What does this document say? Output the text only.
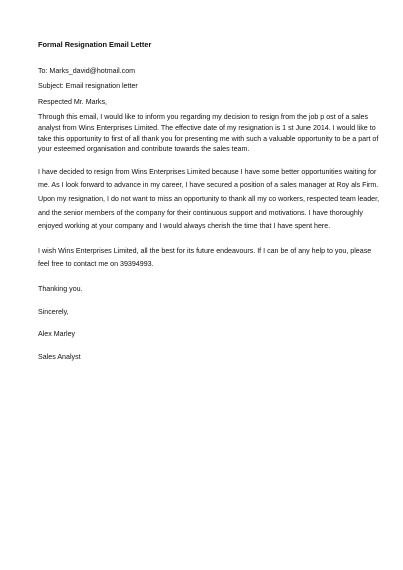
Formal Resignation Email Letter

To: Marks_david@hotmail.com

Subject: Email resignation letter

Respected Mr. Marks,

Through this email, I would like to inform you regarding my decision to resign from the job p ost of a sales
analyst from Wins Enterprises Limited. The effective date of my resignation is 1 st June 2014. I would like to
take this opportunity to first of all thank you for presenting me with such a valuable opportunity to be a part of
your esteemed organisation and contribute towards the sales team.
I have decided to resign from Wins Enterprises Limited because I have some better opportunities waiting for
me. As I look forward to advance in my career, I have secured a position of a sales manager at Roy als Firm.
Upon my resignation, I do not want to miss an opportunity to thank all my co workers, respected team leader,
and the senior members of the company for their continuous support and motivations. I have thoroughly
enjoyed working at your company and I would always cherish the time that I have spent here.
I wish Wins Enterprises Limited, all the best for its future endeavours. If I can be of any help to you, please
feel free to contact me on 39394993.

Thanking you.

Sincerely,

Alex Marley

Sales Analyst
